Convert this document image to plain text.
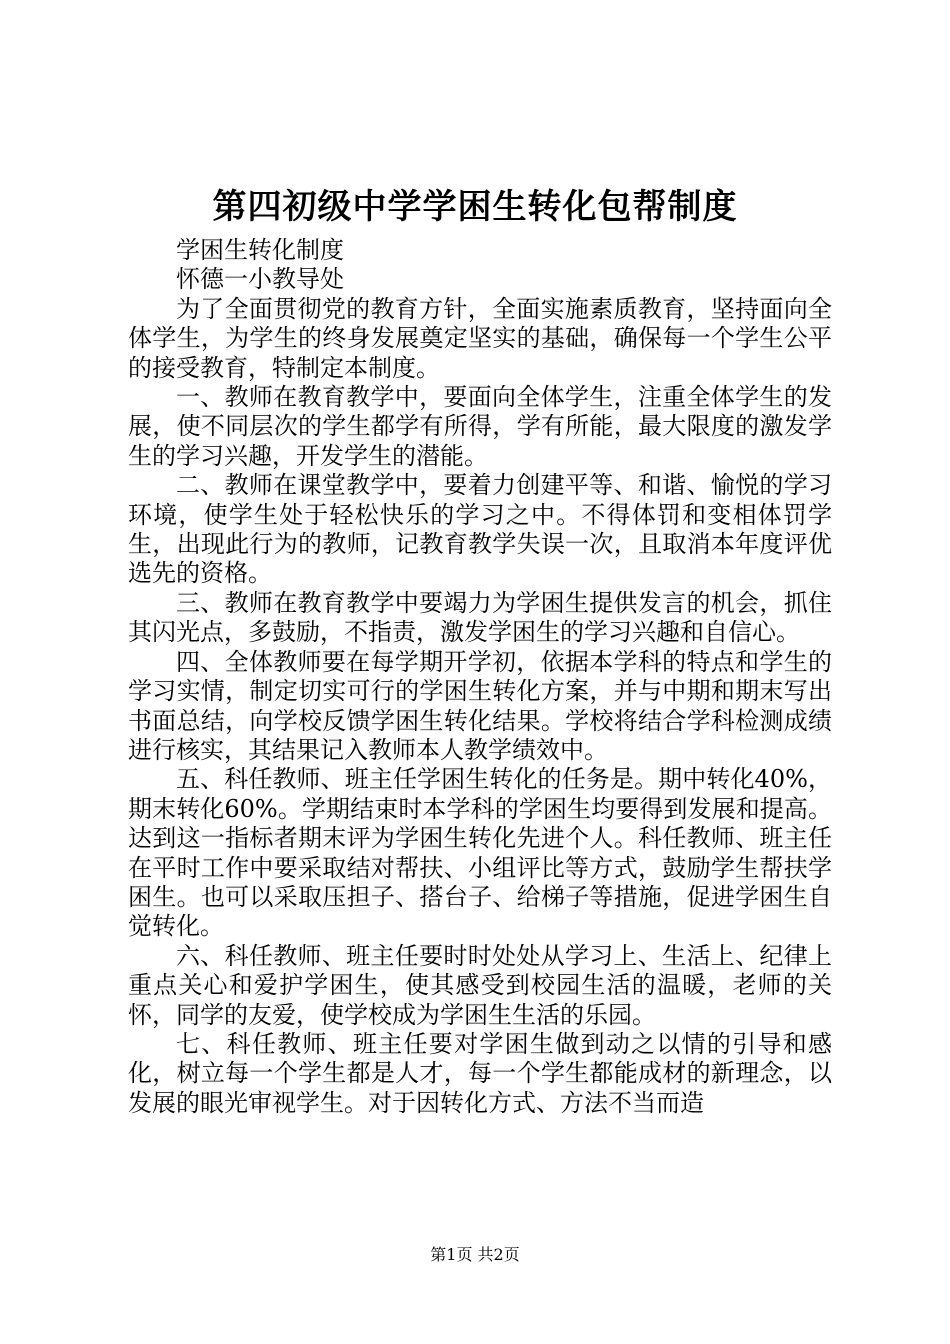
第四初级中学学困生转化包帮制度

学困生转化制度

怀德一小教导处

为了全面贯彻党的教育方针，全面实施素质教育，坚持面向全体学生，为学生的终身发展奠定坚实的基础，确保每一个学生公平的接受教育，特制定本制度。

一、教师在教育教学中，要面向全体学生，注重全体学生的发展，使不同层次的学生都学有所得，学有所能，最大限度的激发学生的学习兴趣，开发学生的潜能。

二、教师在课堂教学中，要着力创建平等、和谐、愉悦的学习环境，使学生处于轻松快乐的学习之中。不得体罚和变相体罚学生，出现此行为的教师，记教育教学失误一次，且取消本年度评优选先的资格。

三、教师在教育教学中要竭力为学困生提供发言的机会，抓住其闪光点，多鼓励，不指责，激发学困生的学习兴趣和自信心。

四、全体教师要在每学期开学初，依据本学科的特点和学生的学习实情，制定切实可行的学困生转化方案，并与中期和期末写出书面总结，向学校反馈学困生转化结果。学校将结合学科检测成绩进行核实，其结果记入教师本人教学绩效中。

五、科任教师、班主任学困生转化的任务是。期中转化40%，期末转化60%。学期结束时本学科的学困生均要得到发展和提高。达到这一指标者期末评为学困生转化先进个人。科任教师、班主任在平时工作中要采取结对帮扶、小组评比等方式，鼓励学生帮扶学困生。也可以采取压担子、搭台子、给梯子等措施，促进学困生自觉转化。

六、科任教师、班主任要时时处处从学习上、生活上、纪律上重点关心和爱护学困生，使其感受到校园生活的温暖，老师的关怀，同学的友爱，使学校成为学困生生活的乐园。

七、科任教师、班主任要对学困生做到动之以情的引导和感化，树立每一个学生都是人才，每一个学生都能成材的新理念，以发展的眼光审视学生。对于因转化方式、方法不当而造

第1页 共2页
